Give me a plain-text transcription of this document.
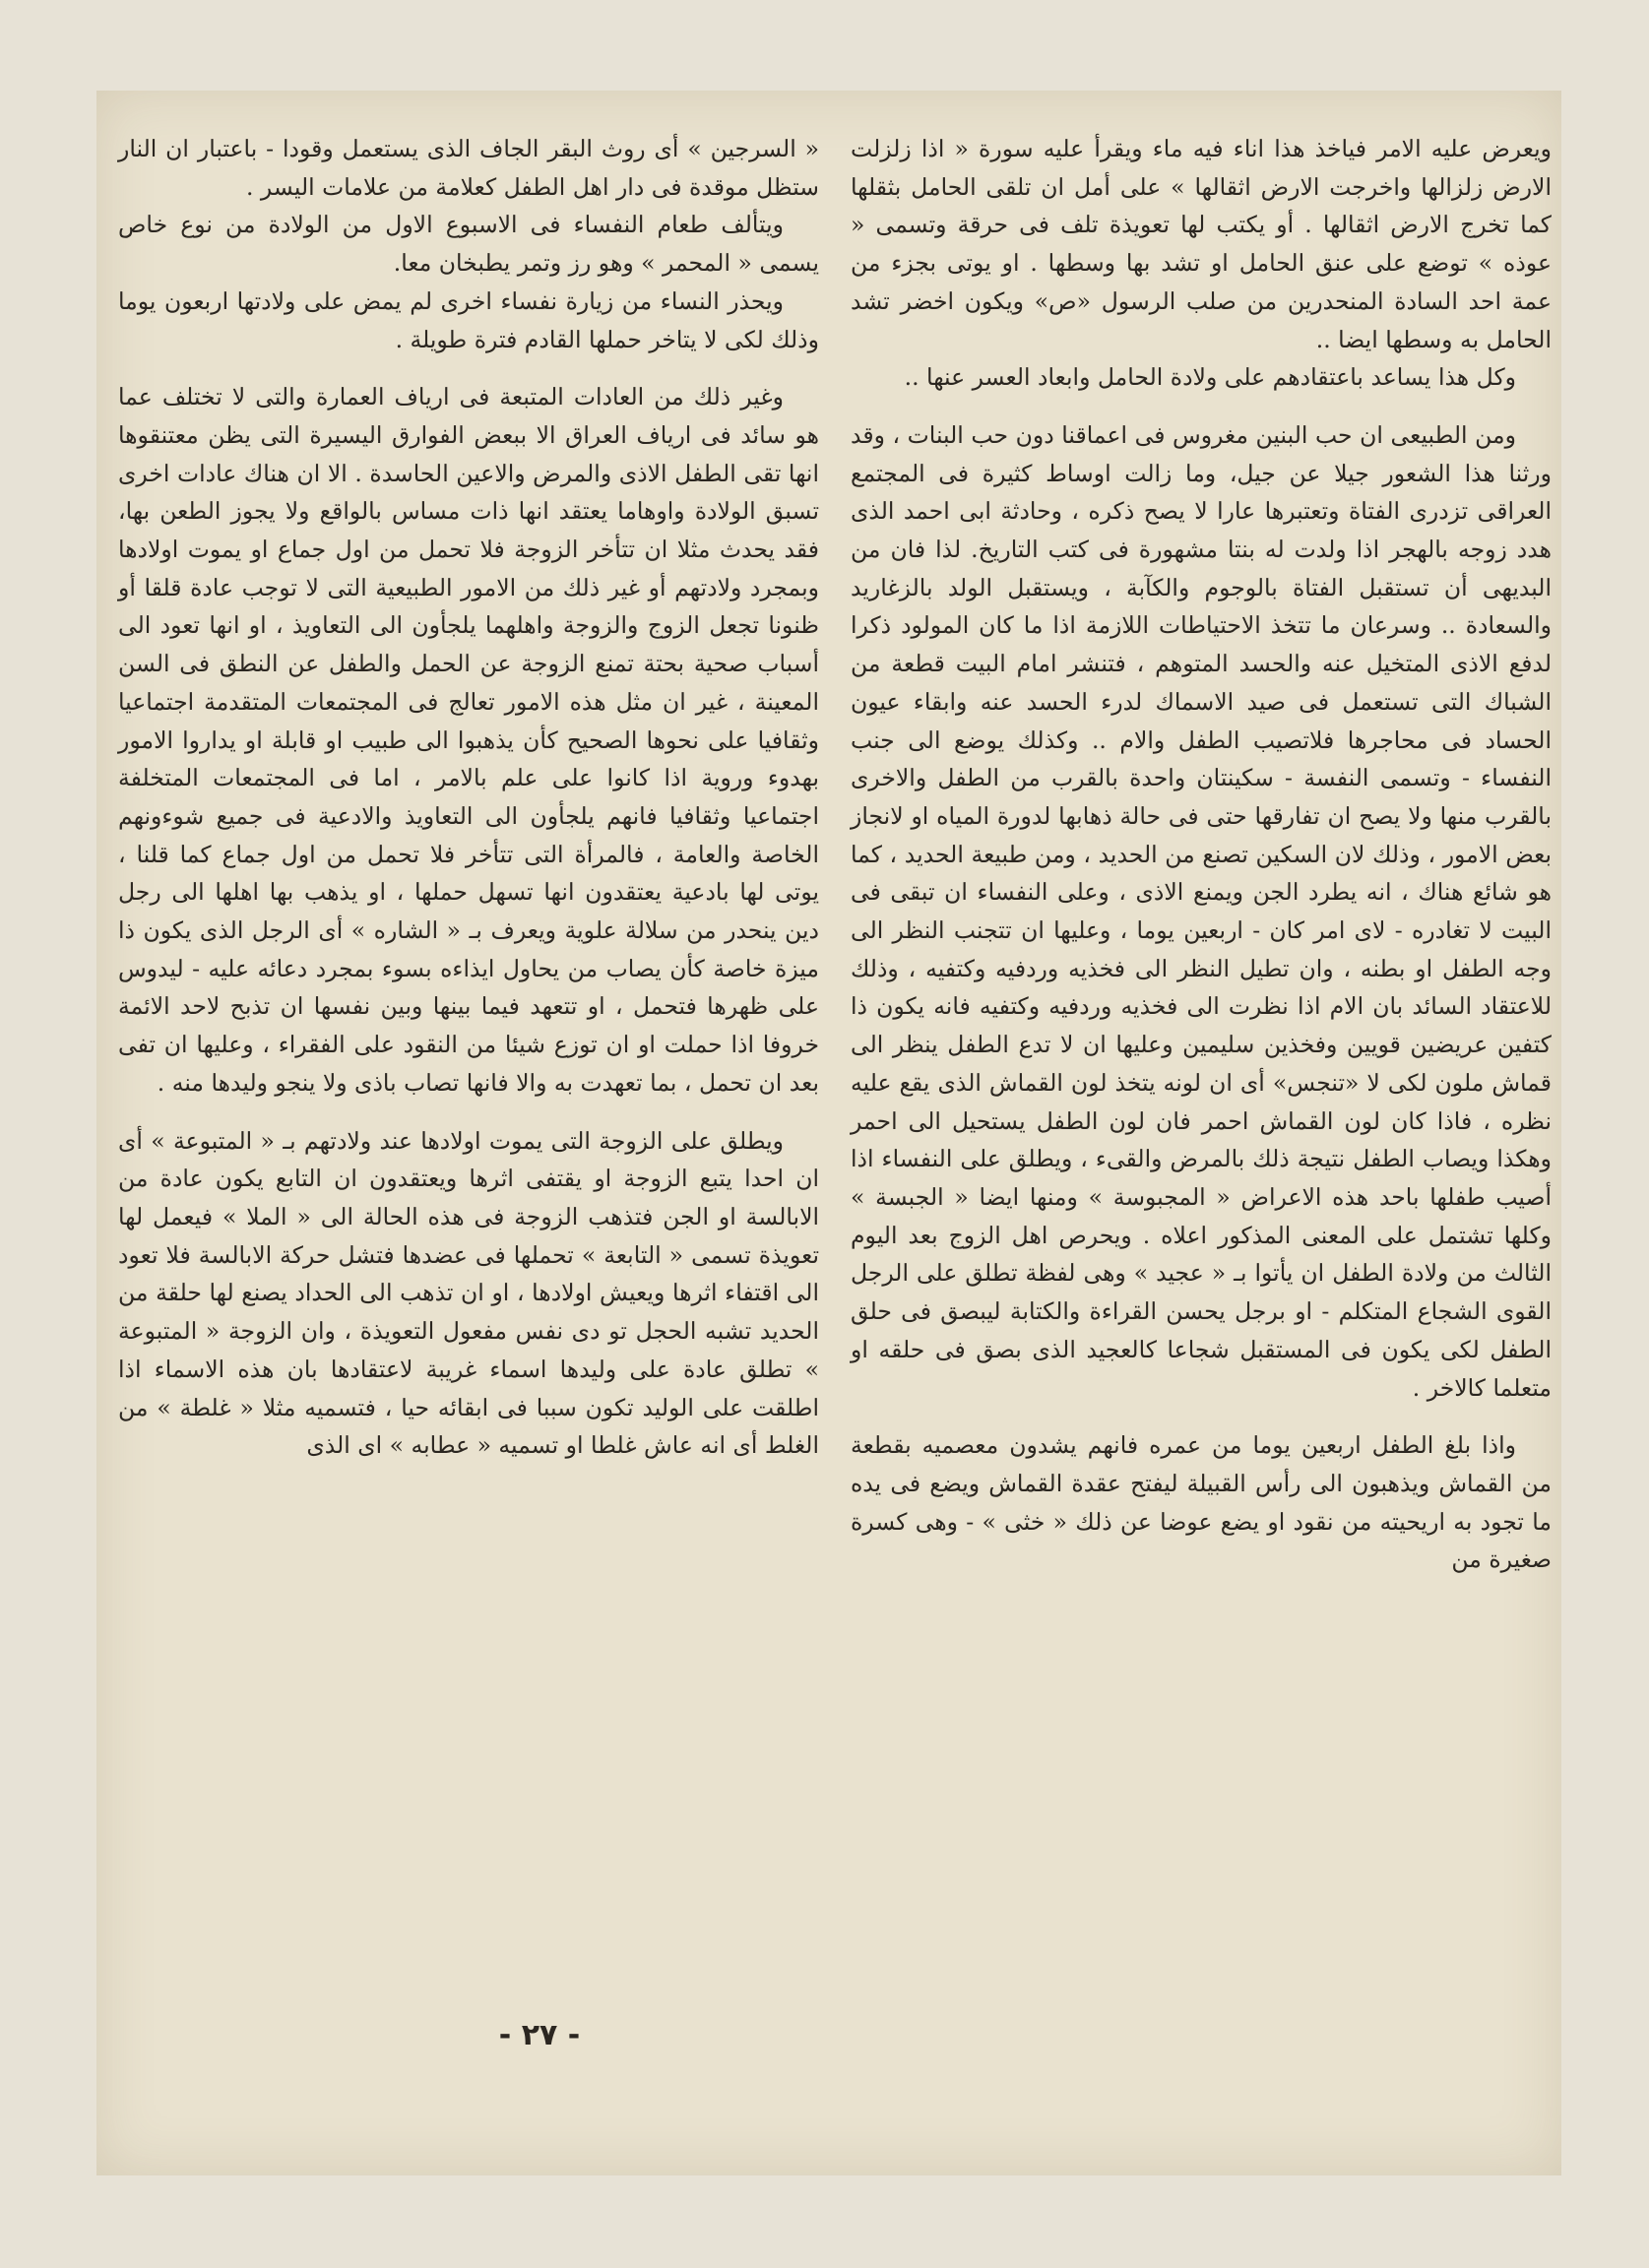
ويعرض عليه الامر فياخذ هذا اناء فيه ماء ويقرأ عليه سورة « اذا زلزلت الارض زلزالها واخرجت الارض اثقالها » على أمل ان تلقى الحامل بثقلها كما تخرج الارض اثقالها . أو يكتب لها تعويذة تلف فى حرقة وتسمى « عوذه » توضع على عنق الحامل او تشد بها وسطها . او يوتى بجزء من عمة احد السادة المنحدرين من صلب الرسول «ص» ويكون اخضر تشد الحامل به وسطها ايضا ..

وكل هذا يساعد باعتقادهم على ولادة الحامل وابعاد العسر عنها ..

ومن الطبيعى ان حب البنين مغروس فى اعماقنا دون حب البنات ، وقد ورثنا هذا الشعور جيلا عن جيل، وما زالت اوساط كثيرة فى المجتمع العراقى تزدرى الفتاة وتعتبرها عارا لا يصح ذكره ، وحادثة ابى احمد الذى هدد زوجه بالهجر اذا ولدت له بنتا مشهورة فى كتب التاريخ. لذا فان من البديهى أن تستقبل الفتاة بالوجوم والكآبة ، ويستقبل الولد بالزغاريد والسعادة .. وسرعان ما تتخذ الاحتياطات اللازمة اذا ما كان المولود ذكرا لدفع الاذى المتخيل عنه والحسد المتوهم ، فتنشر امام البيت قطعة من الشباك التى تستعمل فى صيد الاسماك لدرء الحسد عنه وابقاء عيون الحساد فى محاجرها فلاتصيب الطفل والام .. وكذلك يوضع الى جنب النفساء - وتسمى النفسة - سكينتان واحدة بالقرب من الطفل والاخرى بالقرب منها ولا يصح ان تفارقها حتى فى حالة ذهابها لدورة المياه او لانجاز بعض الامور ، وذلك لان السكين تصنع من الحديد ، ومن طبيعة الحديد ، كما هو شائع هناك ، انه يطرد الجن ويمنع الاذى ، وعلى النفساء ان تبقى فى البيت لا تغادره - لاى امر كان - اربعين يوما ، وعليها ان تتجنب النظر الى وجه الطفل او بطنه ، وان تطيل النظر الى فخذيه وردفيه وكتفيه ، وذلك للاعتقاد السائد بان الام اذا نظرت الى فخذيه وردفيه وكتفيه فانه يكون ذا كتفين عريضين قويين وفخذين سليمين وعليها ان لا تدع الطفل ينظر الى قماش ملون لكى لا «تنجس» أى ان لونه يتخذ لون القماش الذى يقع عليه نظره ، فاذا كان لون القماش احمر فان لون الطفل يستحيل الى احمر وهكذا ويصاب الطفل نتيجة ذلك بالمرض والقىء ، ويطلق على النفساء اذا أصيب طفلها باحد هذه الاعراض « المجبوسة » ومنها ايضا « الجبسة » وكلها تشتمل على المعنى المذكور اعلاه . ويحرص اهل الزوج بعد اليوم الثالث من ولادة الطفل ان يأتوا بـ « عجيد » وهى لفظة تطلق على الرجل القوى الشجاع المتكلم - او برجل يحسن القراءة والكتابة ليبصق فى حلق الطفل لكى يكون فى المستقبل شجاعا كالعجيد الذى بصق فى حلقه او متعلما كالاخر .

واذا بلغ الطفل اربعين يوما من عمره فانهم يشدون معصميه بقطعة من القماش ويذهبون الى رأس القبيلة ليفتح عقدة القماش ويضع فى يده ما تجود به اريحيته من نقود او يضع عوضا عن ذلك « خثى » - وهى كسرة صغيرة من

« السرجين » أى روث البقر الجاف الذى يستعمل وقودا - باعتبار ان النار ستظل موقدة فى دار اهل الطفل كعلامة من علامات اليسر .

ويتألف طعام النفساء فى الاسبوع الاول من الولادة من نوع خاص يسمى « المحمر » وهو رز وتمر يطبخان معا.

ويحذر النساء من زيارة نفساء اخرى لم يمض على ولادتها اربعون يوما وذلك لكى لا يتاخر حملها القادم فترة طويلة .

وغير ذلك من العادات المتبعة فى ارياف العمارة والتى لا تختلف عما هو سائد فى ارياف العراق الا ببعض الفوارق اليسيرة التى يظن معتنقوها انها تقى الطفل الاذى والمرض والاعين الحاسدة . الا ان هناك عادات اخرى تسبق الولادة واوهاما يعتقد انها ذات مساس بالواقع ولا يجوز الطعن بها، فقد يحدث مثلا ان تتأخر الزوجة فلا تحمل من اول جماع او يموت اولادها وبمجرد ولادتهم أو غير ذلك من الامور الطبيعية التى لا توجب عادة قلقا أو ظنونا تجعل الزوج والزوجة واهلهما يلجأون الى التعاويذ ، او انها تعود الى أسباب صحية بحتة تمنع الزوجة عن الحمل والطفل عن النطق فى السن المعينة ، غير ان مثل هذه الامور تعالج فى المجتمعات المتقدمة اجتماعيا وثقافيا على نحوها الصحيح كأن يذهبوا الى طبيب او قابلة او يداروا الامور بهدوء وروية اذا كانوا على علم بالامر ، اما فى المجتمعات المتخلفة اجتماعيا وثقافيا فانهم يلجأون الى التعاويذ والادعية فى جميع شوءونهم الخاصة والعامة ، فالمرأة التى تتأخر فلا تحمل من اول جماع كما قلنا ، يوتى لها بادعية يعتقدون انها تسهل حملها ، او يذهب بها اهلها الى رجل دين ينحدر من سلالة علوية ويعرف بـ « الشاره » أى الرجل الذى يكون ذا ميزة خاصة كأن يصاب من يحاول ايذاءه بسوء بمجرد دعائه عليه - ليدوس على ظهرها فتحمل ، او تتعهد فيما بينها وبين نفسها ان تذبح لاحد الائمة خروفا اذا حملت او ان توزع شيئا من النقود على الفقراء ، وعليها ان تفى بعد ان تحمل ، بما تعهدت به والا فانها تصاب باذى ولا ينجو وليدها منه .

ويطلق على الزوجة التى يموت اولادها عند ولادتهم بـ « المتبوعة » أى ان احدا يتبع الزوجة او يقتفى اثرها ويعتقدون ان التابع يكون عادة من الابالسة او الجن فتذهب الزوجة فى هذه الحالة الى « الملا » فيعمل لها تعويذة تسمى « التابعة » تحملها فى عضدها فتشل حركة الابالسة فلا تعود الى اقتفاء اثرها ويعيش اولادها ، او ان تذهب الى الحداد يصنع لها حلقة من الحديد تشبه الحجل تو دى نفس مفعول التعويذة ، وان الزوجة « المتبوعة » تطلق عادة على وليدها اسماء غريبة لاعتقادها بان هذه الاسماء اذا اطلقت على الوليد تكون سببا فى ابقائه حيا ، فتسميه مثلا « غلطة » من الغلط أى انه عاش غلطا او تسميه « عطابه » اى الذى

- ٢٧ -
